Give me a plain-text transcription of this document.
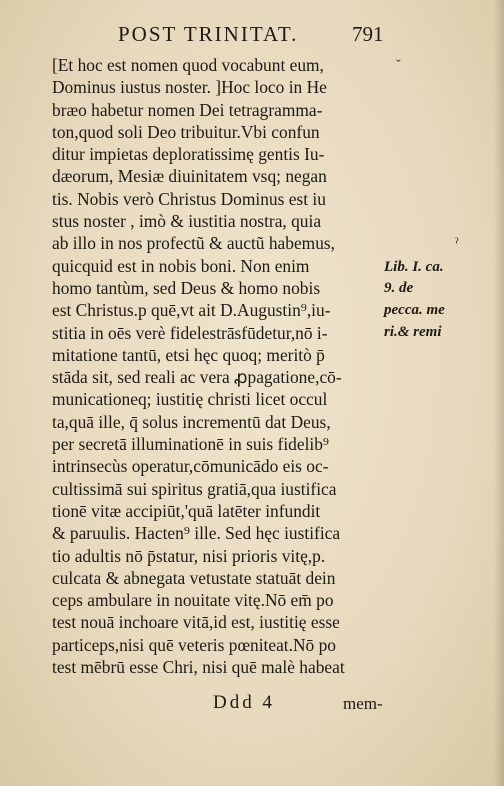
POST TRINITAT.	791
ˇ
ˀ
[Et hoc est nomen quod vocabunt eum,
Dominus iustus noster. ]Hoc loco in He
bræo habetur nomen Dei tetragramma-
ton,quod soli Deo tribuitur.Vbi confun
ditur impietas deploratissimę gentis Iu-
dæorum, Mesiæ diuinitatem vsq; negan
tis. Nobis verò Christus Dominus est iu
stus noster , imò & iustitia nostra, quia
ab illo in nos profectũ & auctũ habemus,
quicquid est in nobis boni. Non enim
homo tantùm, sed Deus & homo nobis
est Christus.p quē,vt ait D.Augustin⁹,iu-
stitia in oēs verè fidelestrāsfūdetur,nō i-
mitatione tantū, etsi hęc quoq; meritò p̄
stāda sit, sed reali ac vera ꝓpagatione,cō-
municationeq; iustitię christi licet occul
ta,quā ille, q̄ solus incrementū dat Deus,
per secretā illuminationē in suis fidelib⁹
intrinsecùs operatur,cōmunicādo eis oc-
cultissimā sui spiritus gratiā,qua iustifica
tionē vitæ accipiūt,'quā latēter infundit
& paruulis. Hacten⁹ ille. Sed hęc iustifica
tio adultis nō p̄statur, nisi prioris vitę,p.
culcata & abnegata vetustate statuāt dein
ceps ambulare in nouitate vitę.Nō em̄ po
test nouā inchoare vitā,id est, iustitię esse
particeps,nisi quē veteris pœniteat.Nō po
test mēbrū esse Chri, nisi quē malè habeat
Lib. I. ca.
9. de
pecca. me
ri.& remi
Ddd 4	mem-
